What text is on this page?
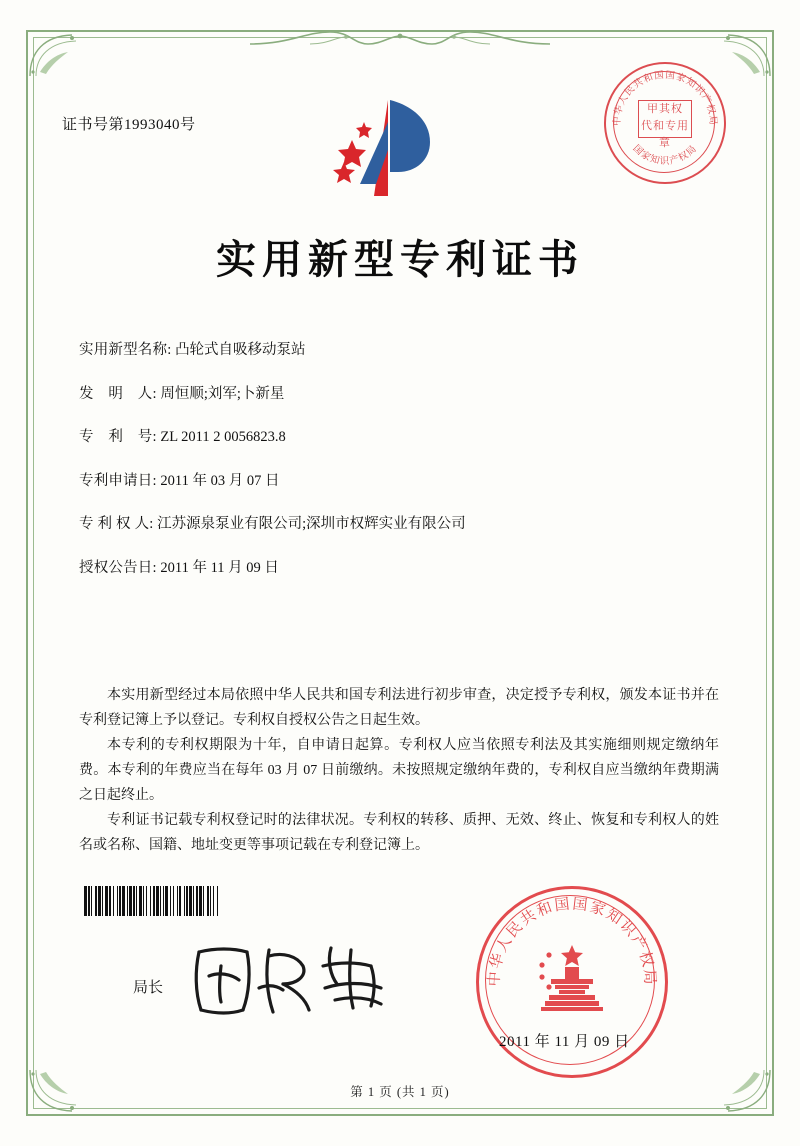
证书号第1993040号	中华人民共和国国家知识产权局
国家知识产权局
甲其权
代和专用章
实用新型专利证书
实用新型名称: 凸轮式自吸移动泵站
发　明　人: 周恒顺;刘军;卜新星
专　利　号: ZL 2011 2 0056823.8
专利申请日: 2011 年 03 月 07 日
专 利 权 人: 江苏源泉泵业有限公司;深圳市权辉实业有限公司
授权公告日: 2011 年 11 月 09 日

本实用新型经过本局依照中华人民共和国专利法进行初步审查，决定授予专利权，颁发本证书并在专利登记簿上予以登记。专利权自授权公告之日起生效。

本专利的专利权期限为十年，自申请日起算。专利权人应当依照专利法及其实施细则规定缴纳年费。本专利的年费应当在每年 03 月 07 日前缴纳。未按照规定缴纳年费的，专利权自应当缴纳年费期满之日起终止。

专利证书记载专利权登记时的法律状况。专利权的转移、质押、无效、终止、恢复和专利权人的姓名或名称、国籍、地址变更等事项记载在专利登记簿上。

局长
中华人民共和国国家知识产权局
2011 年 11 月 09 日
第 1 页 (共 1 页)
